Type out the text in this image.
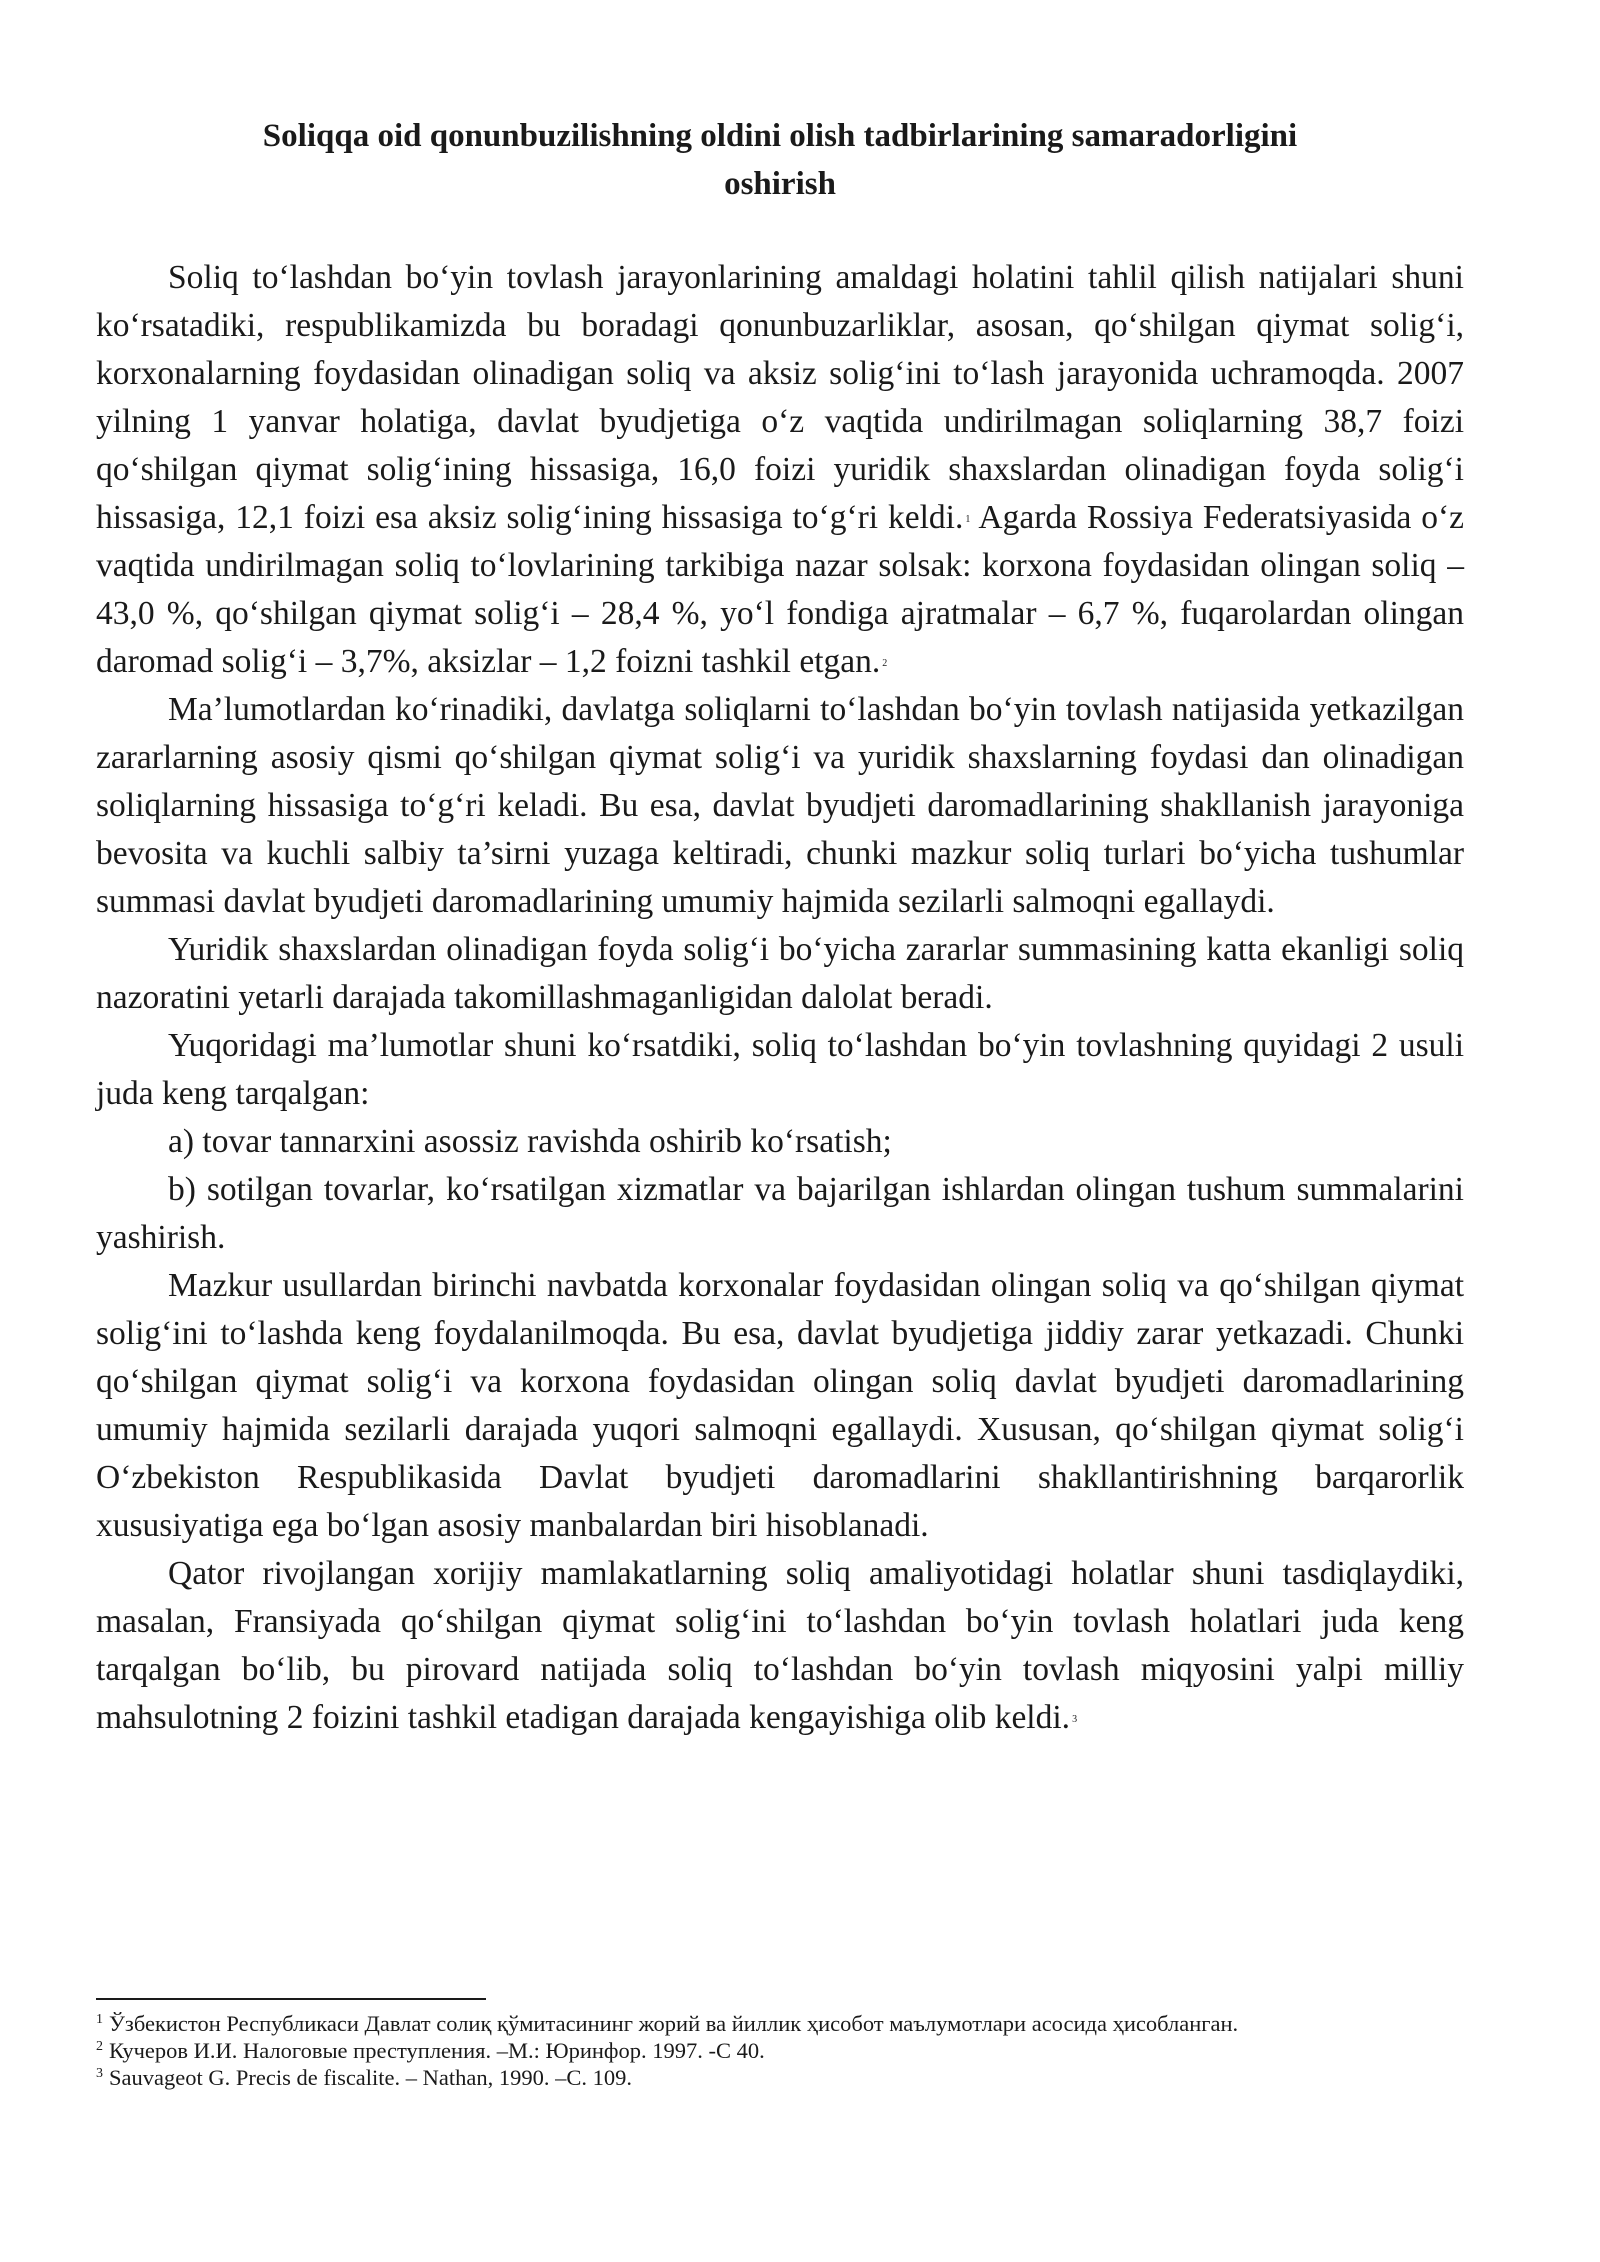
Soliqqa oid qonunbuzilishning oldini olish tadbirlarining samaradorligini oshirish

Soliq to‘lashdan bo‘yin tovlash jarayonlarining amaldagi holatini tahlil qilish natijalari shuni ko‘rsatadiki, respublikamizda bu boradagi qonunbuzarliklar, asosan, qo‘shilgan qiymat solig‘i, korxonalarning foydasidan olinadigan soliq va aksiz solig‘ini to‘lash jarayonida uchramoqda. 2007 yilning 1 yanvar holatiga, davlat byudjetiga o‘z vaqtida undirilmagan soliqlarning 38,7 foizi qo‘shilgan qiymat solig‘ining hissasiga, 16,0 foizi yuridik shaxslardan olinadigan foyda solig‘i hissasiga, 12,1 foizi esa aksiz solig‘ining hissasiga to‘g‘ri keldi. $^1$ Agarda Rossiya Federatsiyasida o‘z vaqtida undirilmagan soliq to‘lovlarining tarkibiga nazar solsak: korxona foydasidan olingan soliq – 43,0 %, qo‘shilgan qiymat solig‘i – 28,4 %, yo‘l fondiga ajratmalar – 6,7 %, fuqarolardan olingan daromad solig‘i – 3,7%, aksizlar – 1,2 foizni tashkil etgan. $^2$

Ma’lumotlardan ko‘rinadiki, davlatga soliqlarni to‘lashdan bo‘yin tovlash natijasida yetkazilgan zararlarning asosiy qismi qo‘shilgan qiymat solig‘i va yuridik shaxslarning foydasi dan olinadigan soliqlarning hissasiga to‘g‘ri keladi. Bu esa, davlat byudjeti daromadlarining shakllanish jarayoniga bevosita va kuchli salbiy ta’sirni yuzaga keltiradi, chunki mazkur soliq turlari bo‘yicha tushumlar summasi davlat byudjeti daromadlarining umumiy hajmida sezilarli salmoqni egallaydi.

Yuridik shaxslardan olinadigan foyda solig‘i bo‘yicha zararlar summasining katta ekanligi soliq nazoratini yetarli darajada takomillashmaganligidan dalolat beradi.

Yuqoridagi ma’lumotlar shuni ko‘rsatdiki, soliq to‘lashdan bo‘yin tovlashning quyidagi 2 usuli juda keng tarqalgan:

a) tovar tannarxini asossiz ravishda oshirib ko‘rsatish;

b) sotilgan tovarlar, ko‘rsatilgan xizmatlar va bajarilgan ishlardan olingan tushum summalarini yashirish.

Mazkur usullardan birinchi navbatda korxonalar foydasidan olingan soliq va qo‘shilgan qiymat solig‘ini to‘lashda keng foydalanilmoqda. Bu esa, davlat byudjetiga jiddiy zarar yetkazadi. Chunki qo‘shilgan qiymat solig‘i va korxona foydasidan olingan soliq davlat byudjeti daromadlarining umumiy hajmida sezilarli darajada yuqori salmoqni egallaydi. Xususan, qo‘shilgan qiymat solig‘i O‘zbekiston Respublikasida Davlat byudjeti daromadlarini shakllantirishning barqarorlik xususiyatiga ega bo‘lgan asosiy manbalardan biri hisoblanadi.

Qator rivojlangan xorijiy mamlakatlarning soliq amaliyotidagi holatlar shuni tasdiqlaydiki, masalan, Fransiyada qo‘shilgan qiymat solig‘ini to‘lashdan bo‘yin tovlash holatlari juda keng tarqalgan bo‘lib, bu pirovard natijada soliq to‘lashdan bo‘yin tovlash miqyosini yalpi milliy mahsulotning 2 foizini tashkil etadigan darajada kengayishiga olib keldi. $^3$

$^1$ Ўзбекистон Республикаси Давлат солиқ қўмитасининг жорий ва йиллик ҳисобот маълумотлари асосида ҳисобланган.

$^2$ Кучеров И.И. Налоговые преступления. –М.: Юринфор. 1997. -С 40.

$^3$ Sauvageot G. Precis de fiscalite. – Nathan, 1990. –C. 109.
